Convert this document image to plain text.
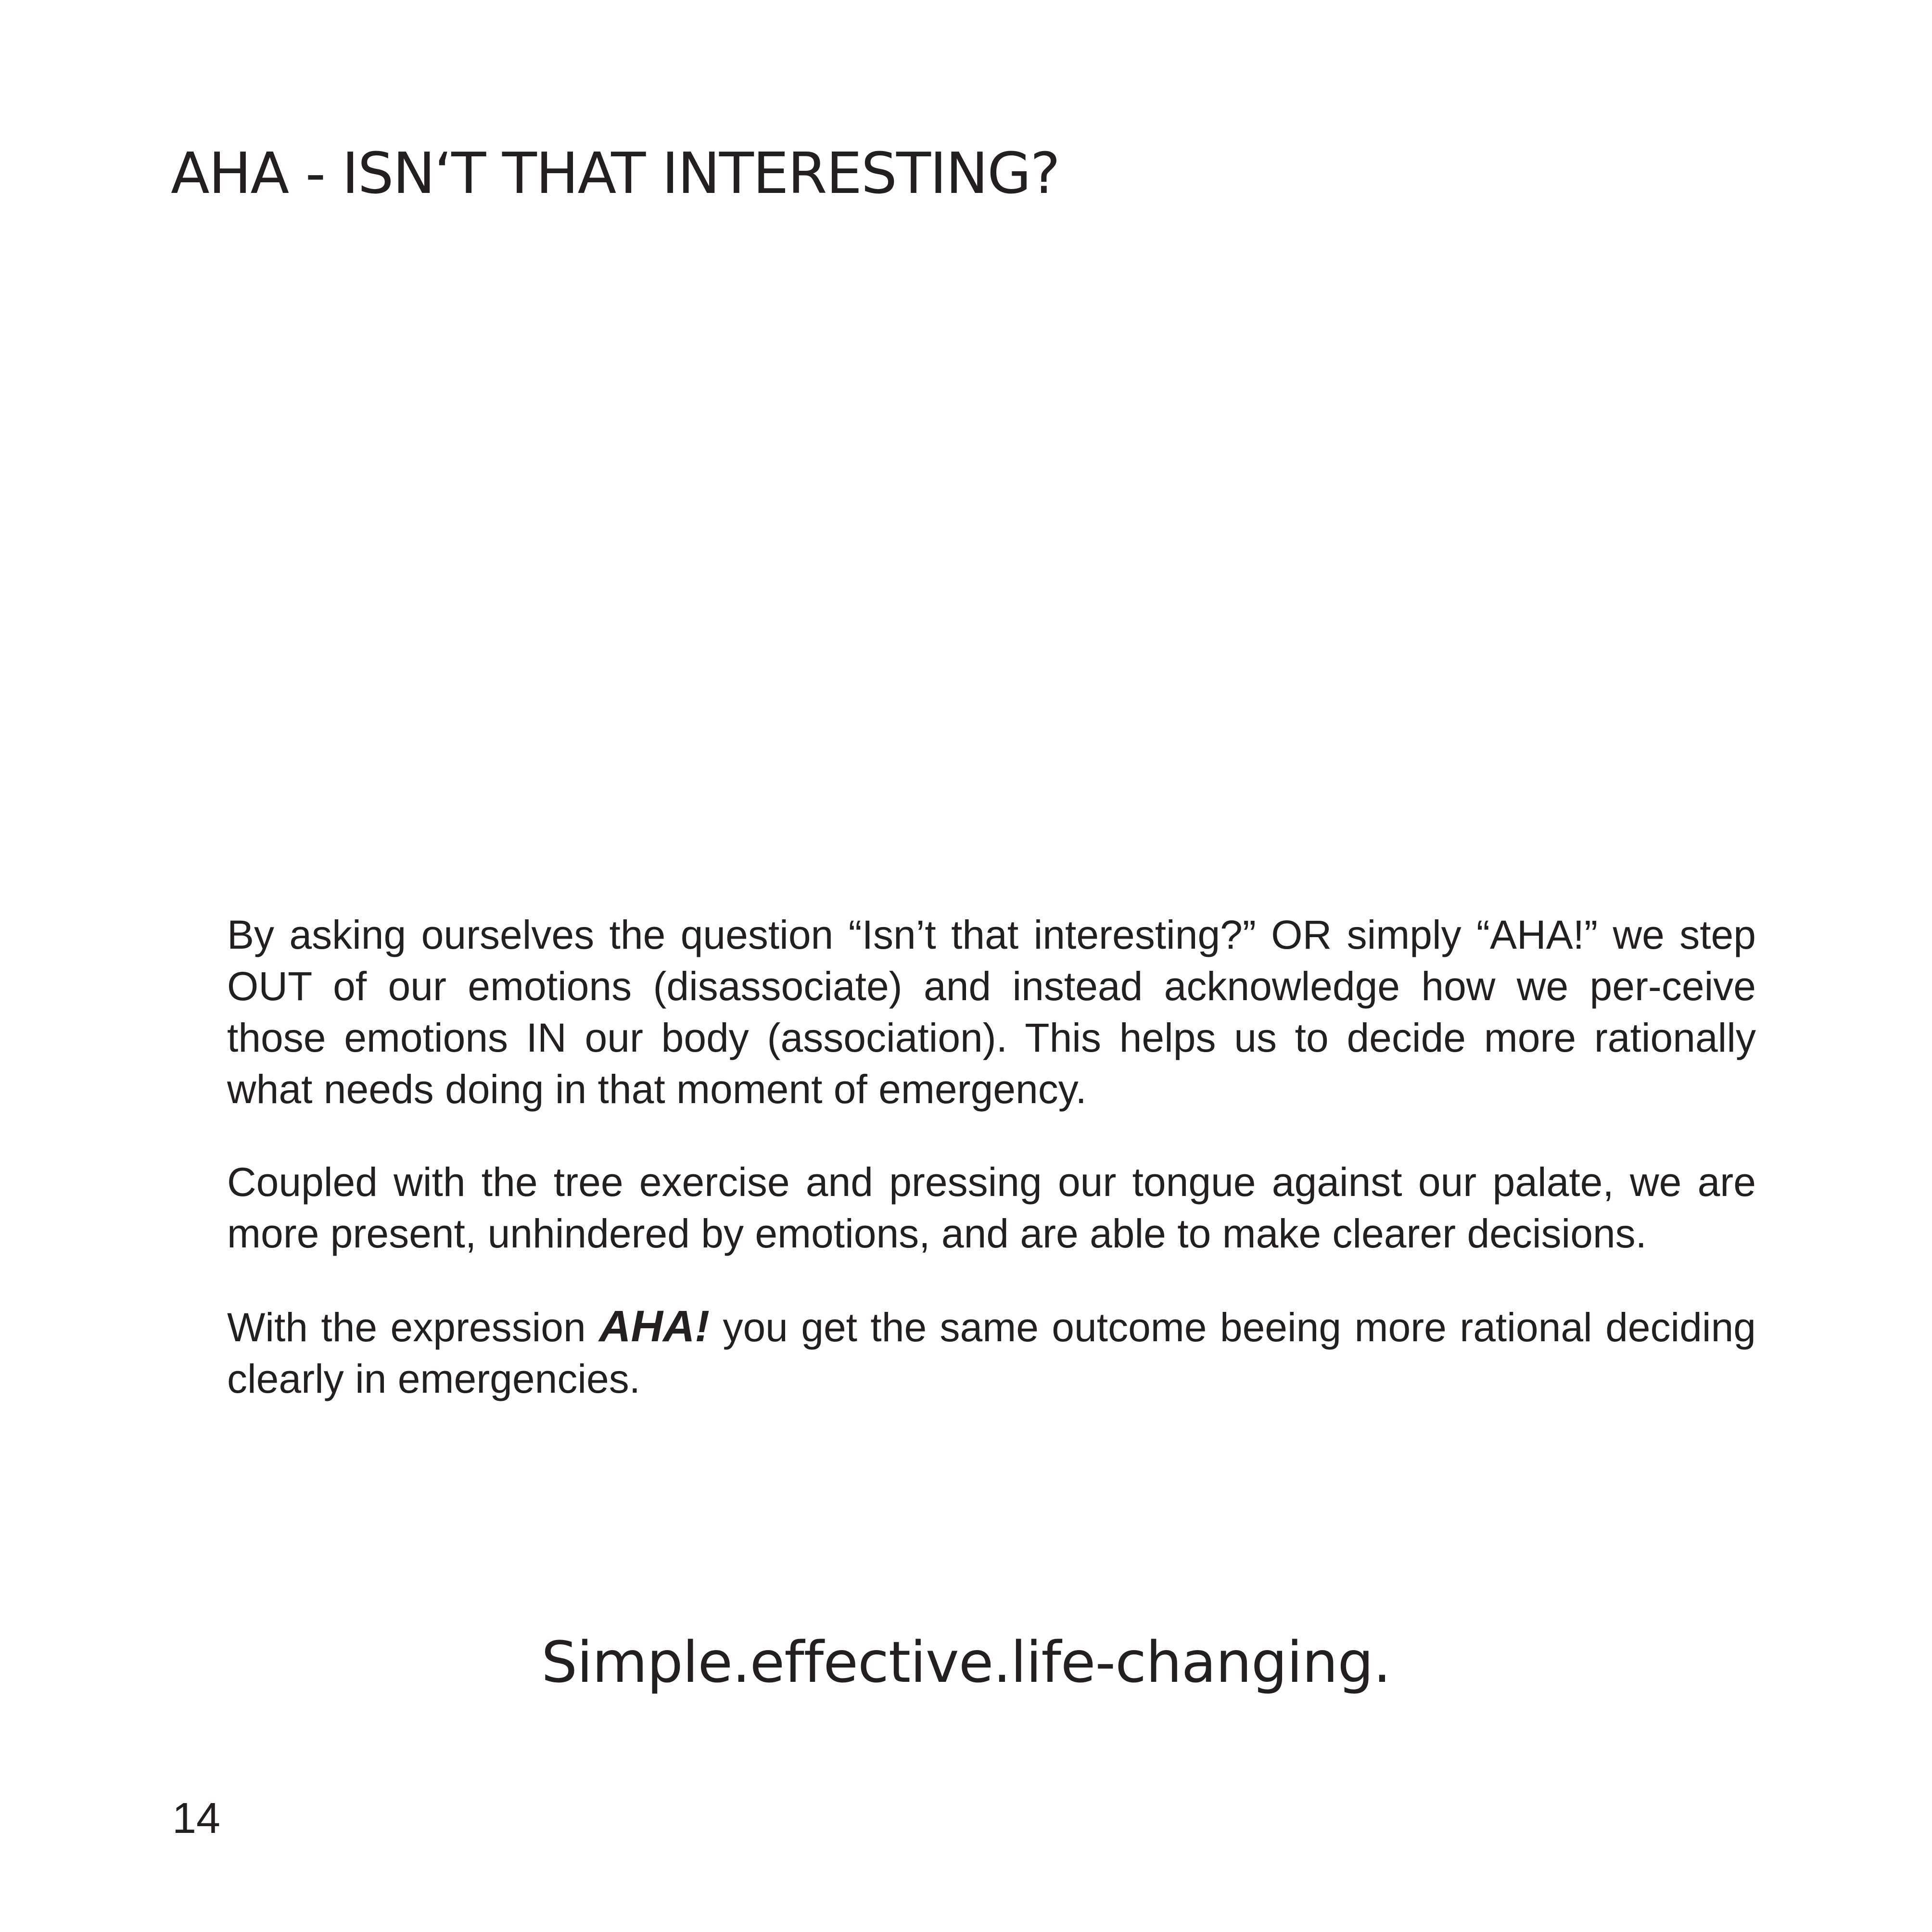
AHA - ISN‘T THAT INTERESTING?

By asking ourselves the question “Isn’t that interesting?” OR simply “AHA!” we step OUT of our emotions (disassociate) and instead acknowledge how we per-ceive those emotions IN our body (association). This helps us to decide more rationally what needs doing in that moment of emergency.

Coupled with the tree exercise and pressing our tongue against our palate, we are more present, unhindered by emotions, and are able to make clearer decisions.

With the expression AHA! you get the same outcome beeing more rational deciding clearly in emergencies.

Simple.effective.life-changing.

14
